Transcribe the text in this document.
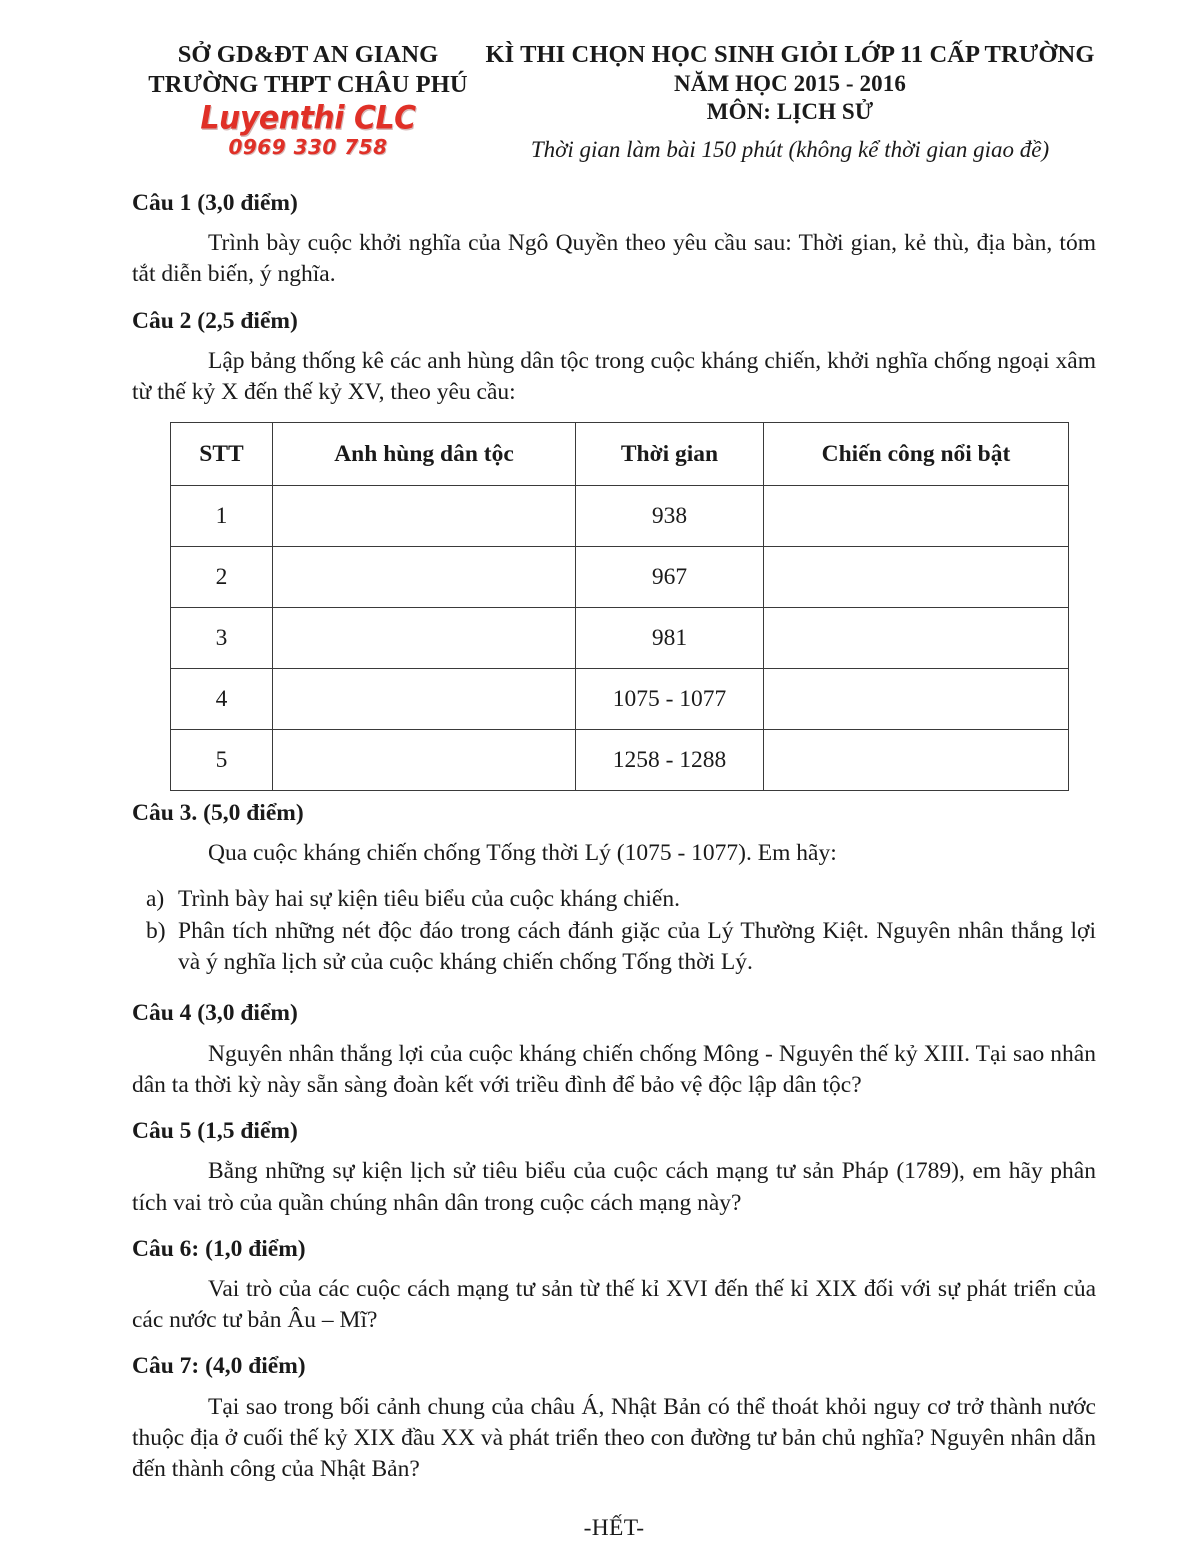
SỞ GD&ĐT AN GIANG
TRƯỜNG THPT CHÂU PHÚ
Luyenthi CLC
0969 330 758
KÌ THI CHỌN HỌC SINH GIỎI LỚP 11 CẤP TRƯỜNG
NĂM HỌC 2015 - 2016
MÔN: LỊCH SỬ
Thời gian làm bài 150 phút (không kể thời gian giao đề)
Câu 1 (3,0 điểm)

Trình bày cuộc khởi nghĩa của Ngô Quyền theo yêu cầu sau: Thời gian, kẻ thù, địa bàn, tóm tắt diễn biến, ý nghĩa.

Câu 2 (2,5 điểm)

Lập bảng thống kê các anh hùng dân tộc trong cuộc kháng chiến, khởi nghĩa chống ngoại xâm từ thế kỷ X đến thế kỷ XV, theo yêu cầu:

STT	Anh hùng dân tộc	Thời gian	Chiến công nổi bật
1		938	
2		967	
3		981	
4		1075 - 1077	
5		1258 - 1288	
Câu 3. (5,0 điểm)

Qua cuộc kháng chiến chống Tống thời Lý (1075 - 1077). Em hãy:

a) Trình bày hai sự kiện tiêu biểu của cuộc kháng chiến.
b) Phân tích những nét độc đáo trong cách đánh giặc của Lý Thường Kiệt. Nguyên nhân thắng lợi và ý nghĩa lịch sử của cuộc kháng chiến chống Tống thời Lý.
Câu 4 (3,0 điểm)

Nguyên nhân thắng lợi của cuộc kháng chiến chống Mông - Nguyên thế kỷ XIII. Tại sao nhân dân ta thời kỳ này sẵn sàng đoàn kết với triều đình để bảo vệ độc lập dân tộc?

Câu 5 (1,5 điểm)

Bằng những sự kiện lịch sử tiêu biểu của cuộc cách mạng tư sản Pháp (1789), em hãy phân tích vai trò của quần chúng nhân dân trong cuộc cách mạng này?

Câu 6: (1,0 điểm)

Vai trò của các cuộc cách mạng tư sản từ thế kỉ XVI đến thế kỉ XIX đối với sự phát triển của các nước tư bản Âu – Mĩ?

Câu 7: (4,0 điểm)

Tại sao trong bối cảnh chung của châu Á, Nhật Bản có thể thoát khỏi nguy cơ trở thành nước thuộc địa ở cuối thế kỷ XIX đầu XX và phát triển theo con đường tư bản chủ nghĩa? Nguyên nhân dẫn đến thành công của Nhật Bản?

-HẾT-
